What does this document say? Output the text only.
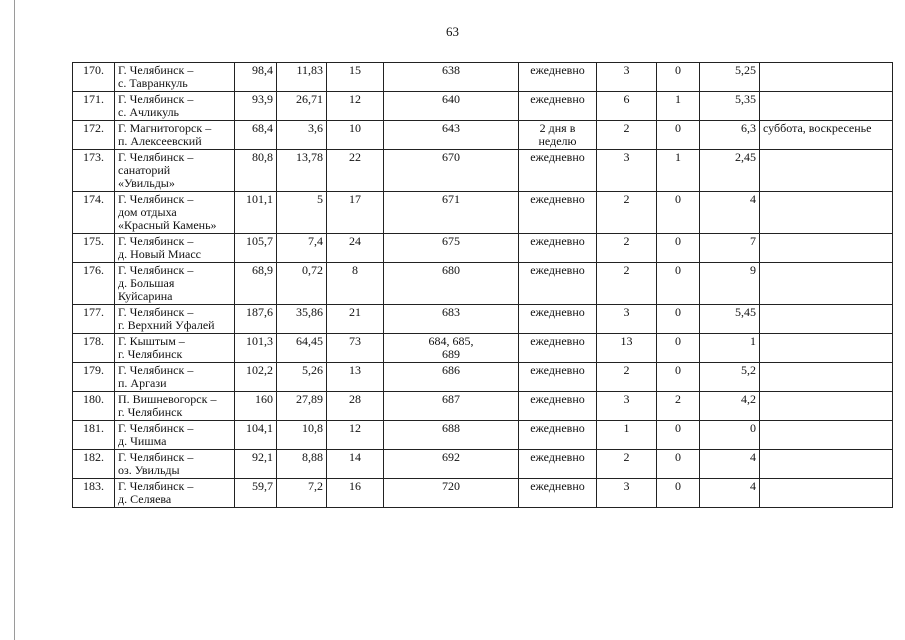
63
170.	Г. Челябинск –
с. Тавранкуль	98,4	11,83	15	638	ежедневно	3	0	5,25	
171.	Г. Челябинск –
с. Ачликуль	93,9	26,71	12	640	ежедневно	6	1	5,35	
172.	Г. Магнитогорск –
п. Алексеевский	68,4	3,6	10	643	2 дня в
неделю	2	0	6,3	суббота, воскресенье
173.	Г. Челябинск –
санаторий
«Увильды»	80,8	13,78	22	670	ежедневно	3	1	2,45	
174.	Г. Челябинск –
дом отдыха
«Красный Камень»	101,1	5	17	671	ежедневно	2	0	4	
175.	Г. Челябинск –
д. Новый Миасс	105,7	7,4	24	675	ежедневно	2	0	7	
176.	Г. Челябинск –
д. Большая
Куйсарина	68,9	0,72	8	680	ежедневно	2	0	9	
177.	Г. Челябинск –
г. Верхний Уфалей	187,6	35,86	21	683	ежедневно	3	0	5,45	
178.	Г. Кыштым –
г. Челябинск	101,3	64,45	73	684, 685,
689	ежедневно	13	0	1	
179.	Г. Челябинск –
п. Аргази	102,2	5,26	13	686	ежедневно	2	0	5,2	
180.	П. Вишневогорск –
г. Челябинск	160	27,89	28	687	ежедневно	3	2	4,2	
181.	Г. Челябинск –
д. Чишма	104,1	10,8	12	688	ежедневно	1	0	0	
182.	Г. Челябинск –
оз. Увильды	92,1	8,88	14	692	ежедневно	2	0	4	
183.	Г. Челябинск –
д. Селяева	59,7	7,2	16	720	ежедневно	3	0	4	
